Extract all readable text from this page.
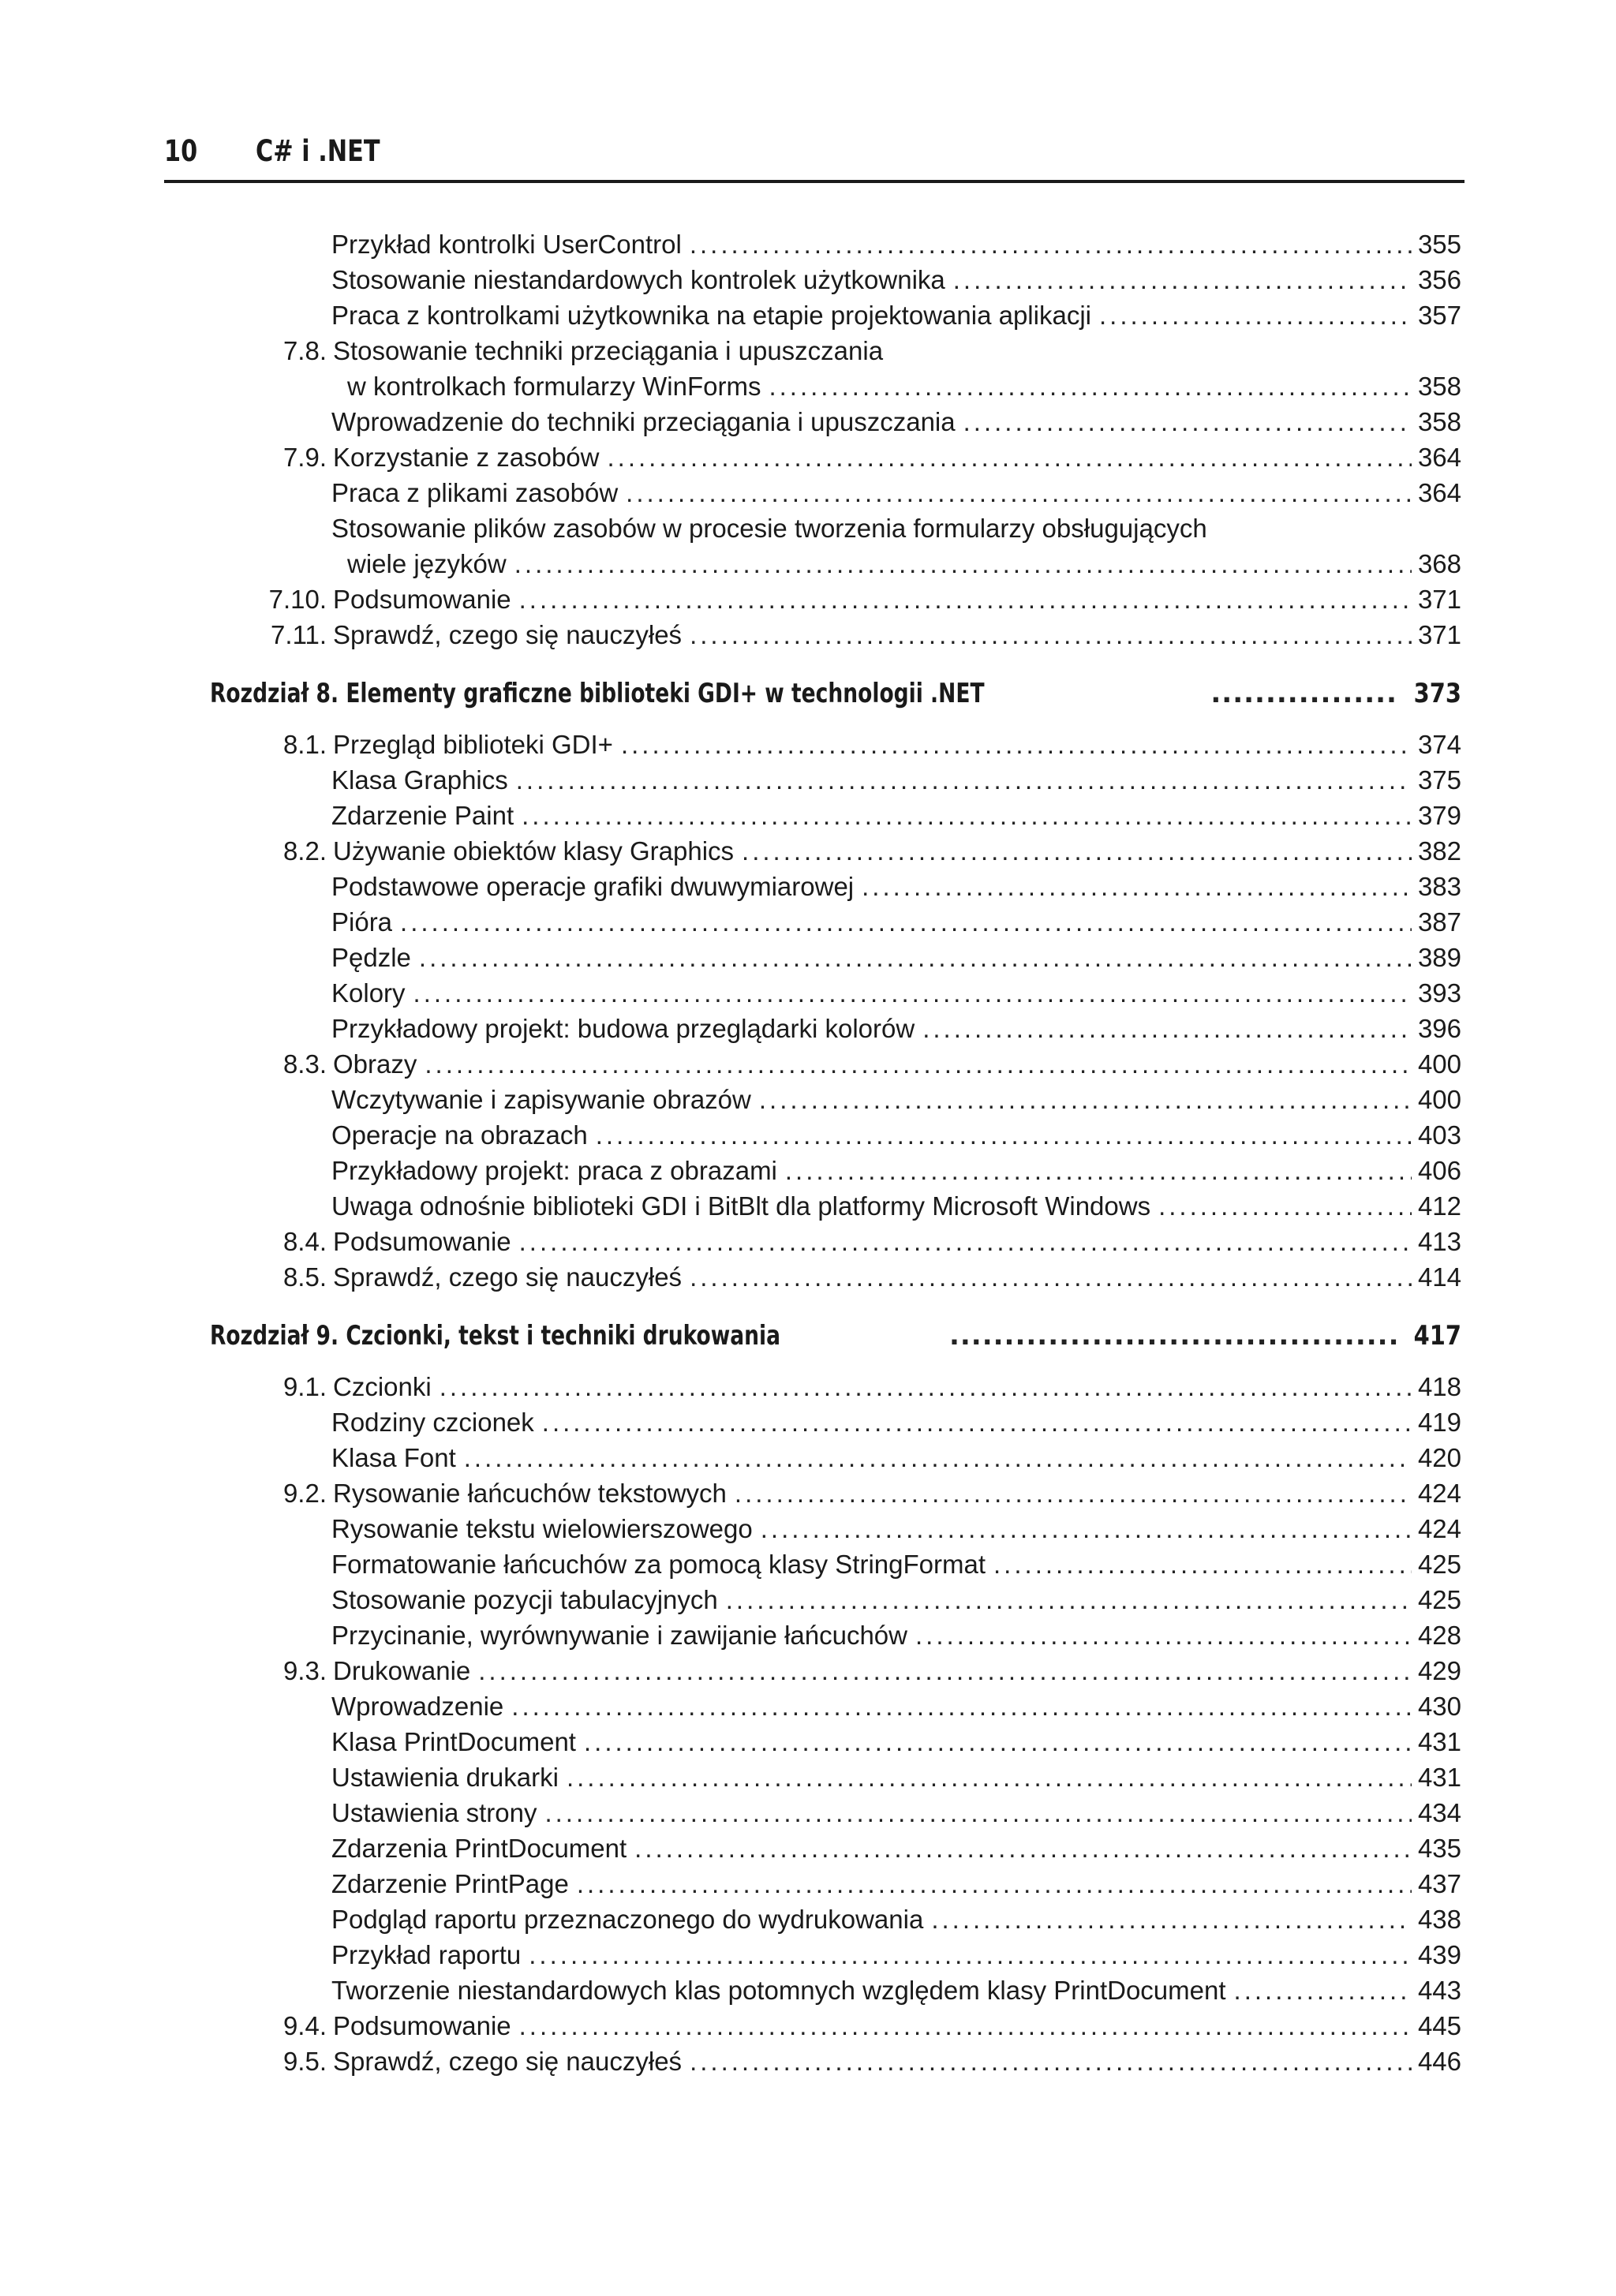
10 C# i .NET
Przykład kontrolki UserControl .....	355
Stosowanie niestandardowych kontrolek użytkownika .....	356
Praca z kontrolkami użytkownika na etapie projektowania aplikacji .....	357
7.8. Stosowanie techniki przeciągania i upuszczania
w kontrolkach formularzy WinForms .....	358
Wprowadzenie do techniki przeciągania i upuszczania .....	358
7.9. Korzystanie z zasobów .....	364
Praca z plikami zasobów .....	364
Stosowanie plików zasobów w procesie tworzenia formularzy obsługujących
wiele języków .....	368
7.10. Podsumowanie .....	371
7.11. Sprawdź, czego się nauczyłeś .....	371
Rozdział 8. Elementy graficzne biblioteki GDI+ w technologii .NET .....	373
8.1. Przegląd biblioteki GDI+ .....	374
Klasa Graphics .....	375
Zdarzenie Paint .....	379
8.2. Używanie obiektów klasy Graphics .....	382
Podstawowe operacje grafiki dwuwymiarowej .....	383
Pióra .....	387
Pędzle .....	389
Kolory .....	393
Przykładowy projekt: budowa przeglądarki kolorów .....	396
8.3. Obrazy .....	400
Wczytywanie i zapisywanie obrazów .....	400
Operacje na obrazach .....	403
Przykładowy projekt: praca z obrazami .....	406
Uwaga odnośnie biblioteki GDI i BitBlt dla platformy Microsoft Windows .....	412
8.4. Podsumowanie .....	413
8.5. Sprawdź, czego się nauczyłeś .....	414
Rozdział 9. Czcionki, tekst i techniki drukowania .....	417
9.1. Czcionki .....	418
Rodziny czcionek .....	419
Klasa Font .....	420
9.2. Rysowanie łańcuchów tekstowych .....	424
Rysowanie tekstu wielowierszowego .....	424
Formatowanie łańcuchów za pomocą klasy StringFormat .....	425
Stosowanie pozycji tabulacyjnych .....	425
Przycinanie, wyrównywanie i zawijanie łańcuchów .....	428
9.3. Drukowanie .....	429
Wprowadzenie .....	430
Klasa PrintDocument .....	431
Ustawienia drukarki .....	431
Ustawienia strony .....	434
Zdarzenia PrintDocument .....	435
Zdarzenie PrintPage .....	437
Podgląd raportu przeznaczonego do wydrukowania .....	438
Przykład raportu .....	439
Tworzenie niestandardowych klas potomnych względem klasy PrintDocument .....	443
9.4. Podsumowanie .....	445
9.5. Sprawdź, czego się nauczyłeś .....	446
